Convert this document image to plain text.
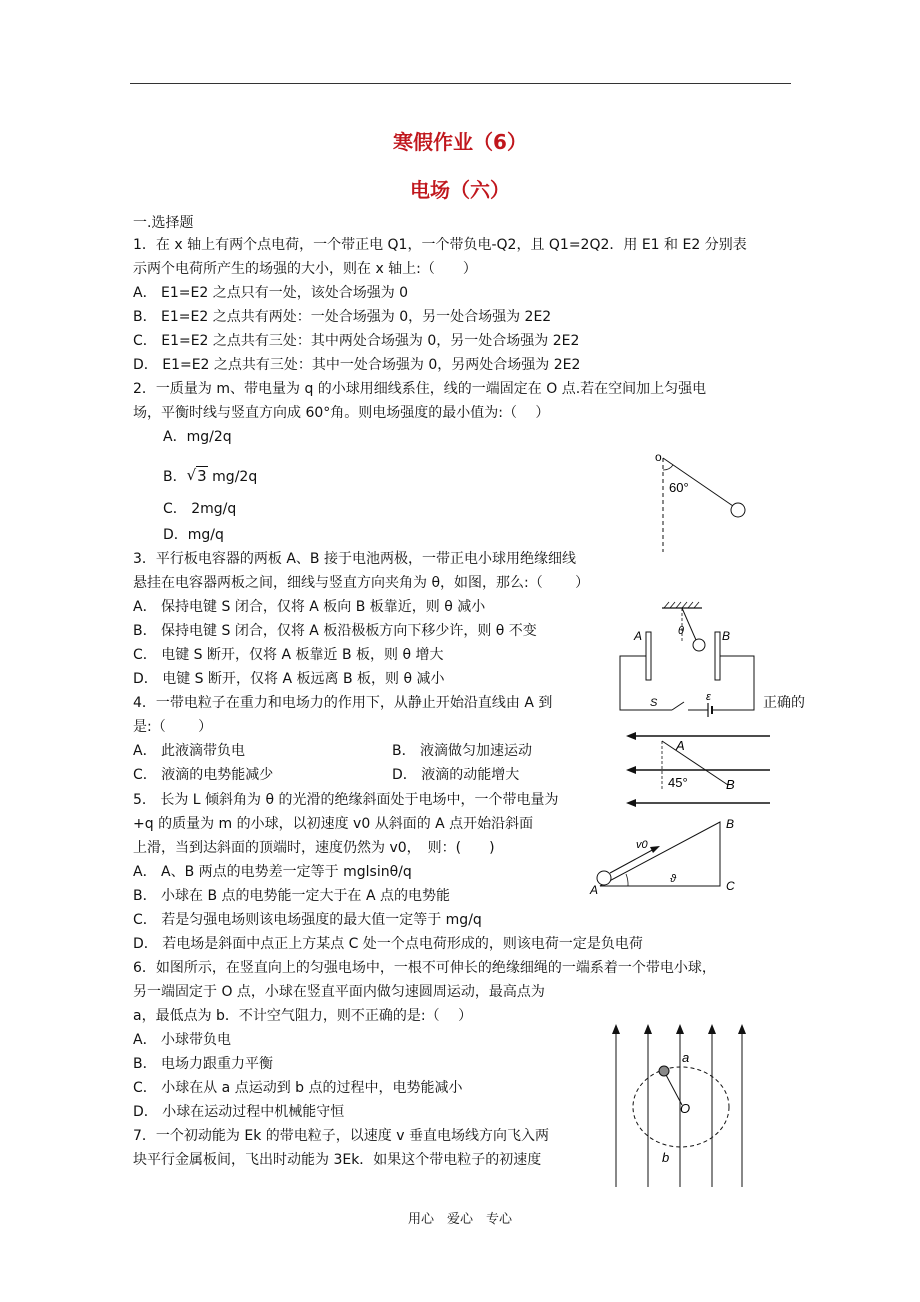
寒假作业（6）
电场（六）
一.选择题
1．在 x 轴上有两个点电荷，一个带正电 Q1，一个带负电-Q2，且 Q1=2Q2．用 E1 和 E2 分别表
示两个电荷所产生的场强的大小，则在 x 轴上:（　　）
A． E1=E2 之点只有一处，该处合场强为 0
B． E1=E2 之点共有两处：一处合场强为 0，另一处合场强为 2E2
C． E1=E2 之点共有三处：其中两处合场强为 0，另一处合场强为 2E2
D． E1=E2 之点共有三处：其中一处合场强为 0，另两处合场强为 2E2
2．一质量为 m、带电量为 q 的小球用细线系住，线的一端固定在 O 点.若在空间加上匀强电
场，平衡时线与竖直方向成 60°角。则电场强度的最小值为:（　 ）
A．mg/2q
B．√3 mg/2q
C． 2mg/q
D．mg/q
o
60°
3．平行板电容器的两板 A、B 接于电池两极，一带正电小球用绝缘细线
悬挂在电容器两板之间，细线与竖直方向夹角为 θ，如图，那么:（　　 ）
A． 保持电键 S 闭合，仅将 A 板向 B 板靠近，则 θ 减小
B． 保持电键 S 闭合，仅将 A 板沿极板方向下移少许，则 θ 不变
C． 电键 S 断开，仅将 A 板靠近 B 板，则 θ 增大
D． 电键 S 断开，仅将 A 板远离 B 板，则 θ 减小
A	B
θ
S	ε
4．一带电粒子在重力和电场力的作用下，从静止开始沿直线由 A 到	正确的
是:（　　 ）
A． 此液滴带负电	B． 液滴做匀加速运动
C． 液滴的电势能减少	D． 液滴的动能增大
A
B
45°
5． 长为 L 倾斜角为 θ 的光滑的绝缘斜面处于电场中，一个带电量为
+q 的质量为 m 的小球，以初速度 v0 从斜面的 A 点开始沿斜面
上滑，当到达斜面的顶端时，速度仍然为 v0，　则：(　　)
A． A、B 两点的电势差一定等于 mglsinθ/q
B． 小球在 B 点的电势能一定大于在 A 点的电势能
C． 若是匀强电场则该电场强度的最大值一定等于 mg/q
D． 若电场是斜面中点正上方某点 C 处一个点电荷形成的，则该电荷一定是负电荷
A
B
C
v0
ϑ
6．如图所示，在竖直向上的匀强电场中，一根不可伸长的绝缘细绳的一端系着一个带电小球，
另一端固定于 O 点，小球在竖直平面内做匀速圆周运动，最高点为
a，最低点为 b．不计空气阻力，则不正确的是:（　 ）
A． 小球带负电
B． 电场力跟重力平衡
C． 小球在从 a 点运动到 b 点的过程中，电势能减小
D． 小球在运动过程中机械能守恒
a
b
O
7．一个初动能为 Ek 的带电粒子，以速度 v 垂直电场线方向飞入两
块平行金属板间，飞出时动能为 3Ek．如果这个带电粒子的初速度
用心　爱心　专心
